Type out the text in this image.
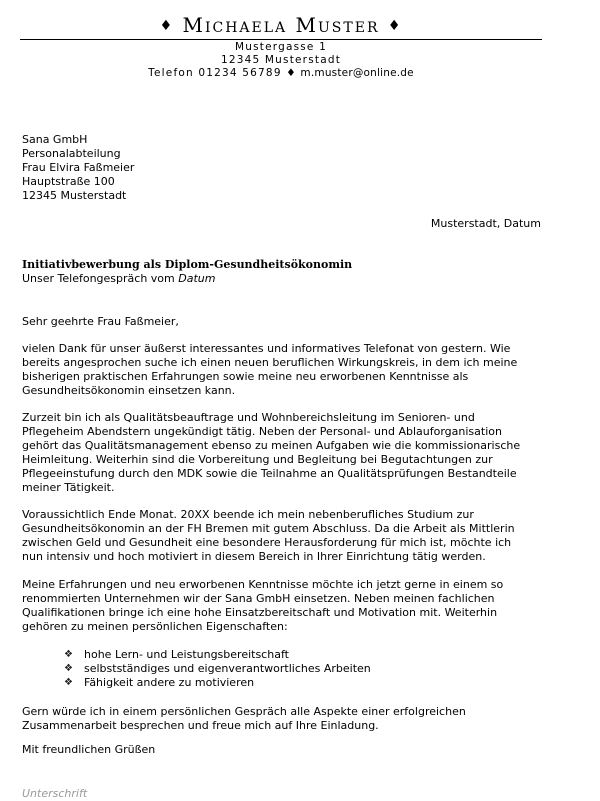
♦ Michaela Muster ♦
Mustergasse 1
12345 Musterstadt
Telefon 01234 56789 ♦ m.muster@online.de
Sana GmbH
Personalabteilung
Frau Elvira Faßmeier
Hauptstraße 100
12345 Musterstadt
Musterstadt, Datum
Initiativbewerbung als Diplom-Gesundheitsökonomin
Unser Telefongespräch vom Datum
Sehr geehrte Frau Faßmeier,
vielen Dank für unser äußerst interessantes und informatives Telefonat von gestern. Wie
bereits angesprochen suche ich einen neuen beruflichen Wirkungskreis, in dem ich meine
bisherigen praktischen Erfahrungen sowie meine neu erworbenen Kenntnisse als
Gesundheitsökonomin einsetzen kann.
Zurzeit bin ich als Qualitätsbeauftrage und Wohnbereichsleitung im Senioren- und
Pflegeheim Abendstern ungekündigt tätig. Neben der Personal- und Ablauforganisation
gehört das Qualitätsmanagement ebenso zu meinen Aufgaben wie die kommissionarische
Heimleitung. Weiterhin sind die Vorbereitung und Begleitung bei Begutachtungen zur
Pflegeeinstufung durch den MDK sowie die Teilnahme an Qualitätsprüfungen Bestandteile
meiner Tätigkeit.
Voraussichtlich Ende Monat. 20XX beende ich mein nebenberufliches Studium zur
Gesundheitsökonomin an der FH Bremen mit gutem Abschluss. Da die Arbeit als Mittlerin
zwischen Geld und Gesundheit eine besondere Herausforderung für mich ist, möchte ich
nun intensiv und hoch motiviert in diesem Bereich in Ihrer Einrichtung tätig werden.
Meine Erfahrungen und neu erworbenen Kenntnisse möchte ich jetzt gerne in einem so
renommierten Unternehmen wir der Sana GmbH einsetzen. Neben meinen fachlichen
Qualifikationen bringe ich eine hohe Einsatzbereitschaft und Motivation mit. Weiterhin
gehören zu meinen persönlichen Eigenschaften:
❖	hohe Lern- und Leistungsbereitschaft
❖	selbstständiges und eigenverantwortliches Arbeiten
❖	Fähigkeit andere zu motivieren
Gern würde ich in einem persönlichen Gespräch alle Aspekte einer erfolgreichen
Zusammenarbeit besprechen und freue mich auf Ihre Einladung.
Mit freundlichen Grüßen
Unterschrift
